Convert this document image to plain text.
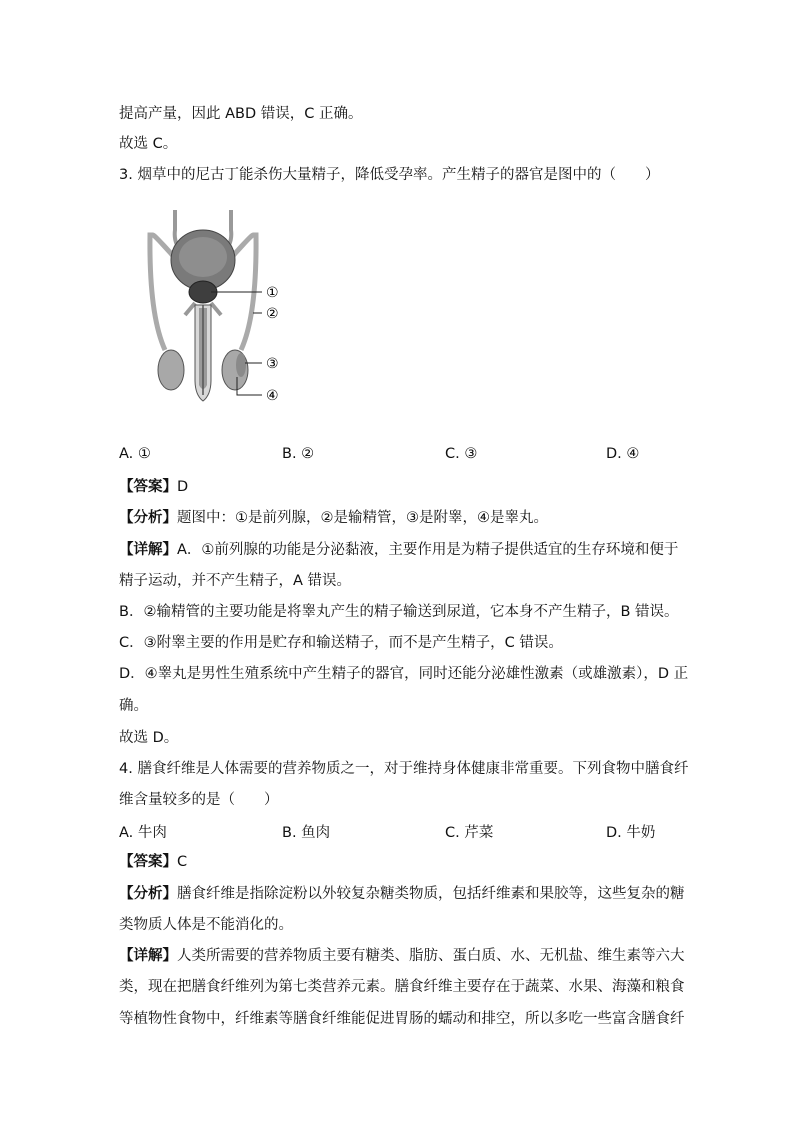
提高产量，因此 ABD 错误，C 正确。
故选 C。
3. 烟草中的尼古丁能杀伤大量精子，降低受孕率。产生精子的器官是图中的（　　）
①
②
③
④
A. ①	B. ②	C. ③	D. ④
【答案】D
【分析】题图中：①是前列腺，②是输精管，③是附睾，④是睾丸。
【详解】A．①前列腺的功能是分泌黏液，主要作用是为精子提供适宜的生存环境和便于
精子运动，并不产生精子，A 错误。
B．②输精管的主要功能是将睾丸产生的精子输送到尿道，它本身不产生精子，B 错误。
C．③附睾主要的作用是贮存和输送精子，而不是产生精子，C 错误。
D．④睾丸是男性生殖系统中产生精子的器官，同时还能分泌雄性激素（或雄激素），D 正
确。
故选 D。
4. 膳食纤维是人体需要的营养物质之一，对于维持身体健康非常重要。下列食物中膳食纤
维含量较多的是（　　）
A. 牛肉	B. 鱼肉	C. 芹菜	D. 牛奶
【答案】C
【分析】膳食纤维是指除淀粉以外较复杂糖类物质，包括纤维素和果胶等，这些复杂的糖
类物质人体是不能消化的。
【详解】人类所需要的营养物质主要有糖类、脂肪、蛋白质、水、无机盐、维生素等六大
类，现在把膳食纤维列为第七类营养元素。膳食纤维主要存在于蔬菜、水果、海藻和粮食
等植物性食物中，纤维素等膳食纤维能促进胃肠的蠕动和排空，所以多吃一些富含膳食纤
